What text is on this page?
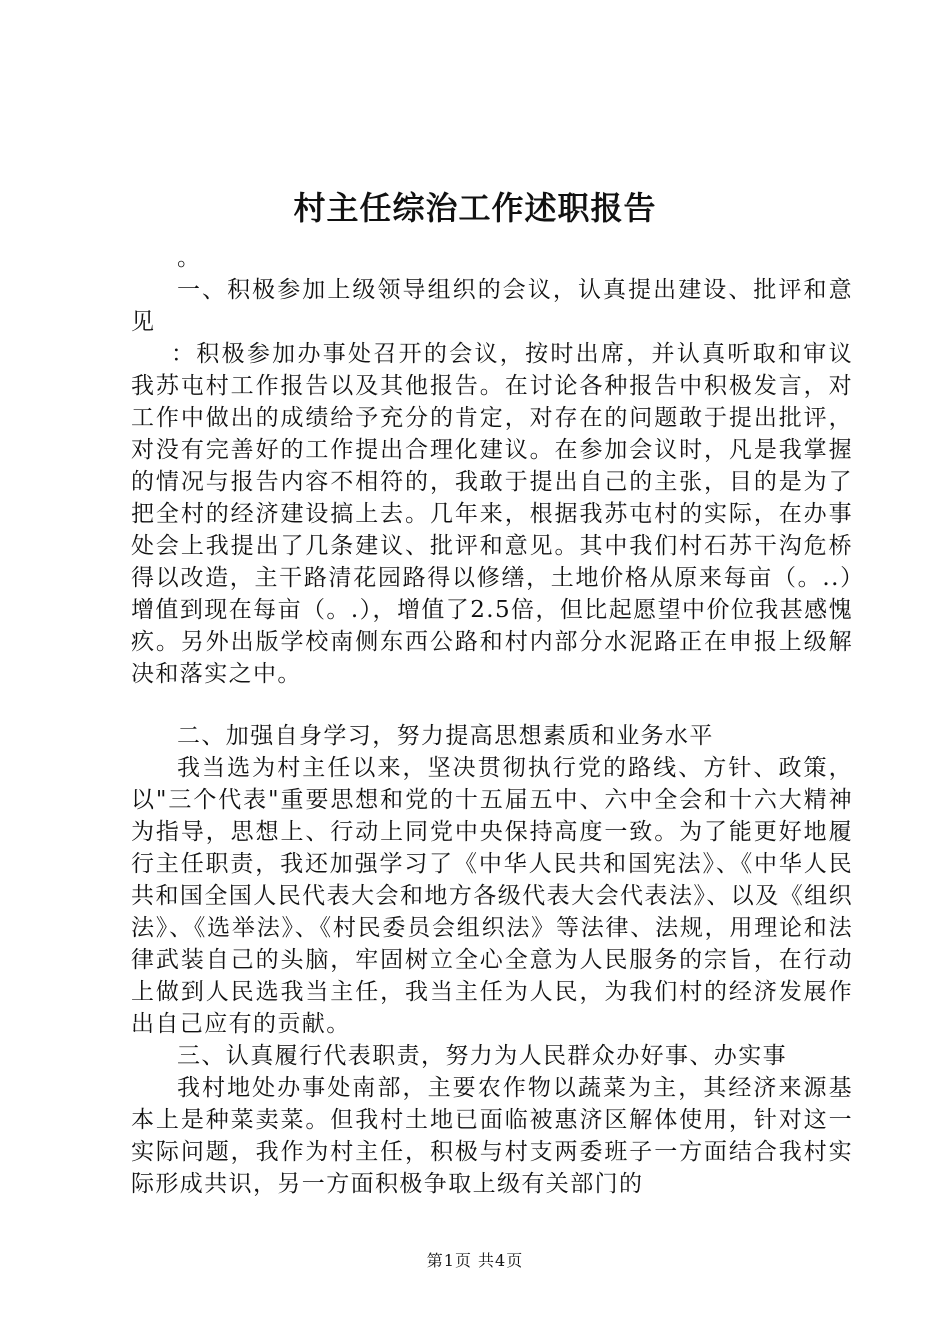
村主任综治工作述职报告

。

一、积极参加上级领导组织的会议，认真提出建设、批评和意见

：积极参加办事处召开的会议，按时出席，并认真听取和审议我苏屯村工作报告以及其他报告。在讨论各种报告中积极发言，对工作中做出的成绩给予充分的肯定，对存在的问题敢于提出批评，对没有完善好的工作提出合理化建议。在参加会议时，凡是我掌握的情况与报告内容不相符的，我敢于提出自己的主张，目的是为了把全村的经济建设搞上去。几年来，根据我苏屯村的实际，在办事处会上我提出了几条建议、批评和意见。其中我们村石苏干沟危桥得以改造，主干路清花园路得以修缮，土地价格从原来每亩（。..）增值到现在每亩（。.），增值了2.5倍，但比起愿望中价位我甚感愧疚。另外出版学校南侧东西公路和村内部分水泥路正在申报上级解决和落实之中。

二、加强自身学习，努力提高思想素质和业务水平

我当选为村主任以来，坚决贯彻执行党的路线、方针、政策，以"三个代表"重要思想和党的十五届五中、六中全会和十六大精神为指导，思想上、行动上同党中央保持高度一致。为了能更好地履行主任职责，我还加强学习了《中华人民共和国宪法》、《中华人民共和国全国人民代表大会和地方各级代表大会代表法》、以及《组织法》、《选举法》、《村民委员会组织法》等法律、法规，用理论和法律武装自己的头脑，牢固树立全心全意为人民服务的宗旨，在行动上做到人民选我当主任，我当主任为人民，为我们村的经济发展作出自己应有的贡献。

三、认真履行代表职责，努力为人民群众办好事、办实事

我村地处办事处南部，主要农作物以蔬菜为主，其经济来源基本上是种菜卖菜。但我村土地已面临被惠济区解体使用，针对这一实际问题，我作为村主任，积极与村支两委班子一方面结合我村实际形成共识，另一方面积极争取上级有关部门的

第1页 共4页
